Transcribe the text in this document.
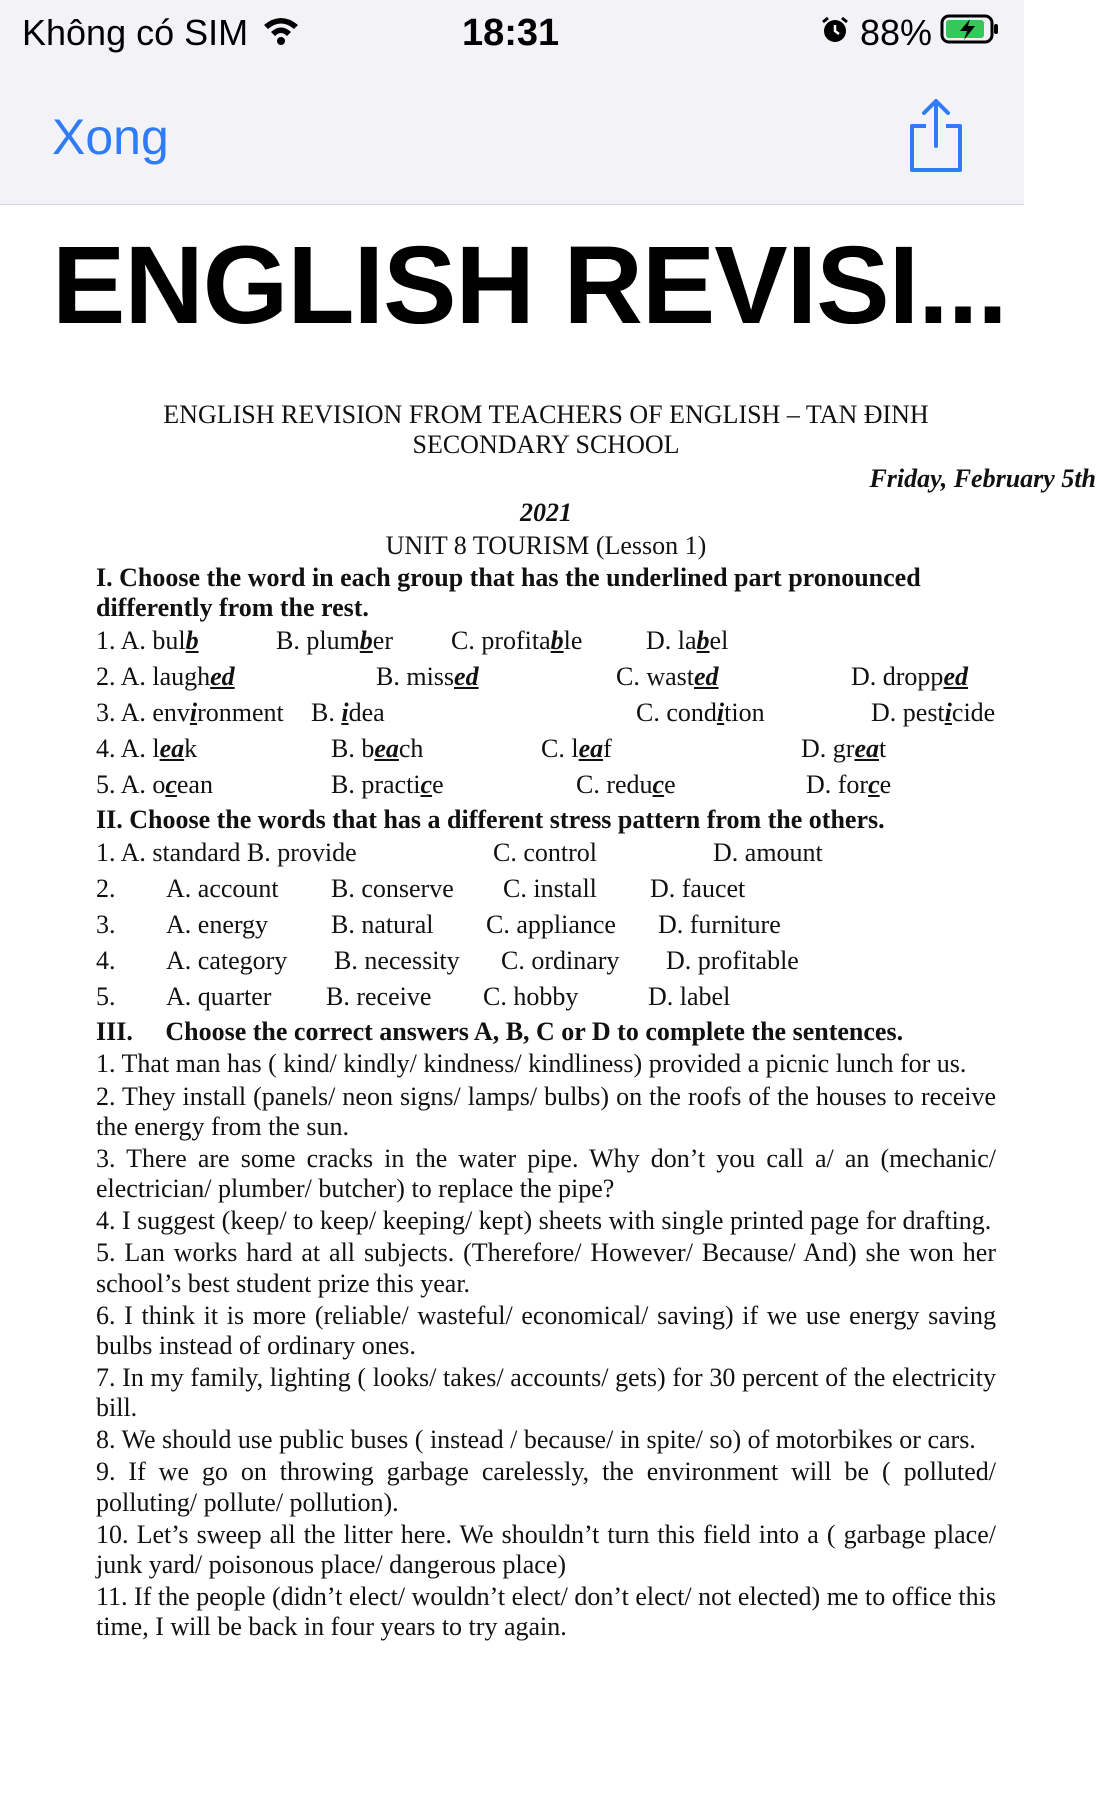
Không có SIM	18:31	88%
Xong
ENGLISH REVISI...
ENGLISH REVISION FROM TEACHERS OF ENGLISH – TAN ĐINH
SECONDARY SCHOOL
Friday, February 5th
2021
UNIT 8 TOURISM (Lesson 1)
I. Choose the word in each group that has the underlined part pronounced differently from the rest.
1. A. bulb	B. plumber	C. profitable	D. label
2. A. laughed	B. missed	C. wasted	D. dropped
3. A. environment	B. idea	C. condition	D. pesticide
4. A. leak	B. beach	C. leaf	D. great
5. A. ocean	B. practice	C. reduce	D. force
II. Choose the words that has a different stress pattern from the others.
1. A. standard B. provide	C. control	D. amount
2.	A. account	B. conserve	C. install	D. faucet
3.	A. energy	B. natural	C. appliance	D. furniture
4.	A. category	B. necessity	C. ordinary	D. profitable
5.	A. quarter	B. receive	C. hobby	D. label
III.     Choose the correct answers A, B, C or D to complete the sentences.
1. That man has ( kind/ kindly/ kindness/ kindliness) provided a picnic lunch for us.
2. They install (panels/ neon signs/ lamps/ bulbs) on the roofs of the houses to receive the energy from the sun.
3. There are some cracks in the water pipe. Why don’t you call a/ an (mechanic/ electrician/ plumber/ butcher) to replace the pipe?
4. I suggest (keep/ to keep/ keeping/ kept) sheets with single printed page for drafting.
5. Lan works hard at all subjects. (Therefore/ However/ Because/ And) she won her school’s best student prize this year.
6. I think it is more (reliable/ wasteful/ economical/ saving) if we use energy saving bulbs instead of ordinary ones.
7. In my family, lighting ( looks/ takes/ accounts/ gets) for 30 percent of the electricity bill.
8. We should use public buses ( instead / because/ in spite/ so) of motorbikes or cars.
9. If we go on throwing garbage carelessly, the environment will be ( polluted/ polluting/ pollute/ pollution).
10. Let’s sweep all the litter here. We shouldn’t turn this field into a ( garbage place/ junk yard/ poisonous place/ dangerous place)
11. If the people (didn’t elect/ wouldn’t elect/ don’t elect/ not elected) me to office this time, I will be back in four years to try again.
